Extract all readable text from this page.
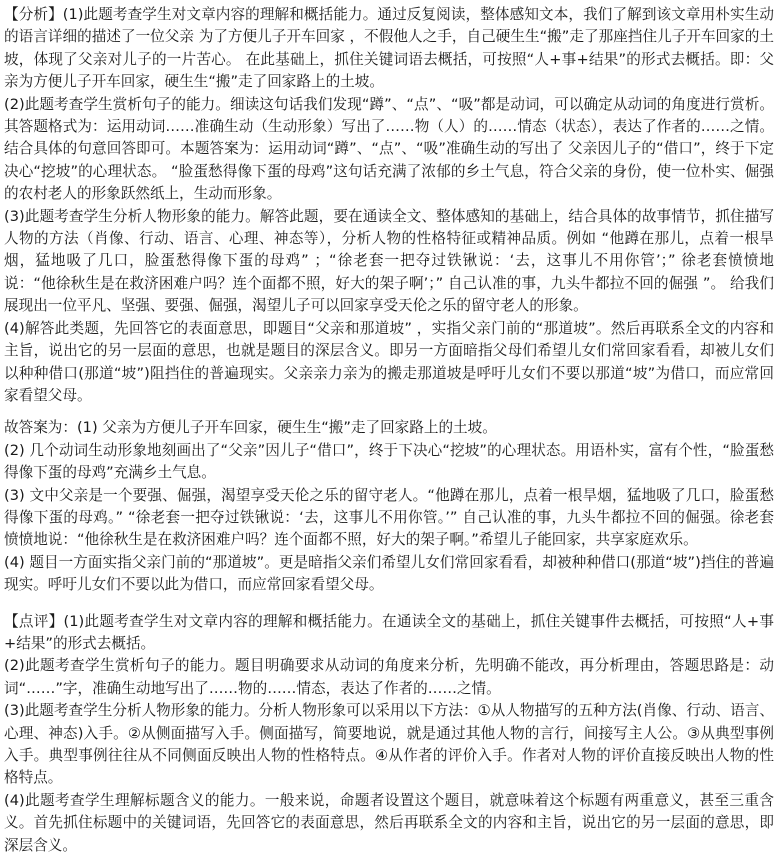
【分析】(1)此题考查学生对文章内容的理解和概括能力。通过反复阅读，整体感知文本，我们了解到该文章用朴实生动的语言详细的描述了一位父亲 为了方便儿子开车回家 ，不假他人之手，自己硬生生“搬”走了那座挡住儿子开车回家的土坡，体现了父亲对儿子的一片苦心。 在此基础上，抓住关键词语去概括，可按照“人+事+结果”的形式去概括。即：父亲为方便儿子开车回家，硬生生“搬”走了回家路上的土坡。

(2)此题考查学生赏析句子的能力。细读这句话我们发现“蹲”、“点”、“吸”都是动词，可以确定从动词的角度进行赏析。其答题格式为：运用动词……准确生动（生动形象）写出了……物（人）的……情态（状态），表达了作者的……之情。结合具体的句意回答即可。本题答案为：运用动词“蹲”、“点”、“吸”准确生动的写出了 父亲因儿子的“借口”，终于下定决心“挖坡”的心理状态。 “脸蛋愁得像下蛋的母鸡”这句话充满了浓郁的乡土气息，符合父亲的身份，使一位朴实、倔强的农村老人的形象跃然纸上，生动而形象。

(3)此题考查学生分析人物形象的能力。解答此题，要在通读全文、整体感知的基础上，结合具体的故事情节，抓住描写人物的方法（肖像、行动、语言、心理、神态等），分析人物的性格特征或精神品质。例如 “他蹲在那儿，点着一根旱烟，猛地吸了几口，脸蛋愁得像下蛋的母鸡” ；“徐老套一把夺过铁锹说：‘去，这事儿不用你管’；” 徐老套愤愤地说：“他徐秋生是在救济困难户吗？连个面都不照，好大的架子啊’；” 自己认准的事，九头牛都拉不回的倔强 ”。 给我们展现出一位平凡、坚强、要强、倔强，渴望儿子可以回家享受天伦之乐的留守老人的形象。

(4)解答此类题，先回答它的表面意思，即题目“父亲和那道坡” ，实指父亲门前的“那道坡”。然后再联系全文的内容和主旨，说出它的另一层面的意思，也就是题目的深层含义。即另一方面暗指父母们希望儿女们常回家看看，却被儿女们以种种借口(那道“坡”)阻挡住的普遍现实。父亲亲力亲为的搬走那道坡是呼吁儿女们不要以那道“坡”为借口，而应常回家看望父母。

故答案为：(1) 父亲为方便儿子开车回家，硬生生“搬”走了回家路上的土坡。

(2) 几个动词生动形象地刻画出了“父亲”因儿子“借口”，终于下决心“挖坡”的心理状态。用语朴实，富有个性，“脸蛋愁得像下蛋的母鸡”充满乡土气息。

(3) 文中父亲是一个要强、倔强，渴望享受天伦之乐的留守老人。“他蹲在那儿，点着一根旱烟，猛地吸了几口，脸蛋愁得像下蛋的母鸡。” “徐老套一把夺过铁锹说：‘去，这事儿不用你管。’” 自己认准的事，九头牛都拉不回的倔强。徐老套愤愤地说：“他徐秋生是在救济困难户吗？连个面都不照，好大的架子啊。”希望儿子能回家，共享家庭欢乐。

(4) 题目一方面实指父亲门前的“那道坡”。更是暗指父亲们希望儿女们常回家看看，却被种种借口(那道“坡”)挡住的普遍现实。呼吁儿女们不要以此为借口，而应常回家看望父母。

【点评】(1)此题考查学生对文章内容的理解和概括能力。在通读全文的基础上，抓住关键事件去概括，可按照“人+事+结果”的形式去概括。

(2)此题考查学生赏析句子的能力。题目明确要求从动词的角度来分析，先明确不能改，再分析理由，答题思路是：动词“……”字，准确生动地写出了……物的……情态，表达了作者的……之情。

(3)此题考查学生分析人物形象的能力。分析人物形象可以采用以下方法：①从人物描写的五种方法(肖像、行动、语言、心理、神态)入手。②从侧面描写入手。侧面描写，简要地说，就是通过其他人物的言行，间接写主人公。③从典型事例入手。典型事例往往从不同侧面反映出人物的性格特点。④从作者的评价入手。作者对人物的评价直接反映出人物的性格特点。

(4)此题考查学生理解标题含义的能力。一般来说，命题者设置这个题目，就意味着这个标题有两重意义，甚至三重含义。首先抓住标题中的关键词语，先回答它的表面意思，然后再联系全文的内容和主旨，说出它的另一层面的意思，即深层含义。
